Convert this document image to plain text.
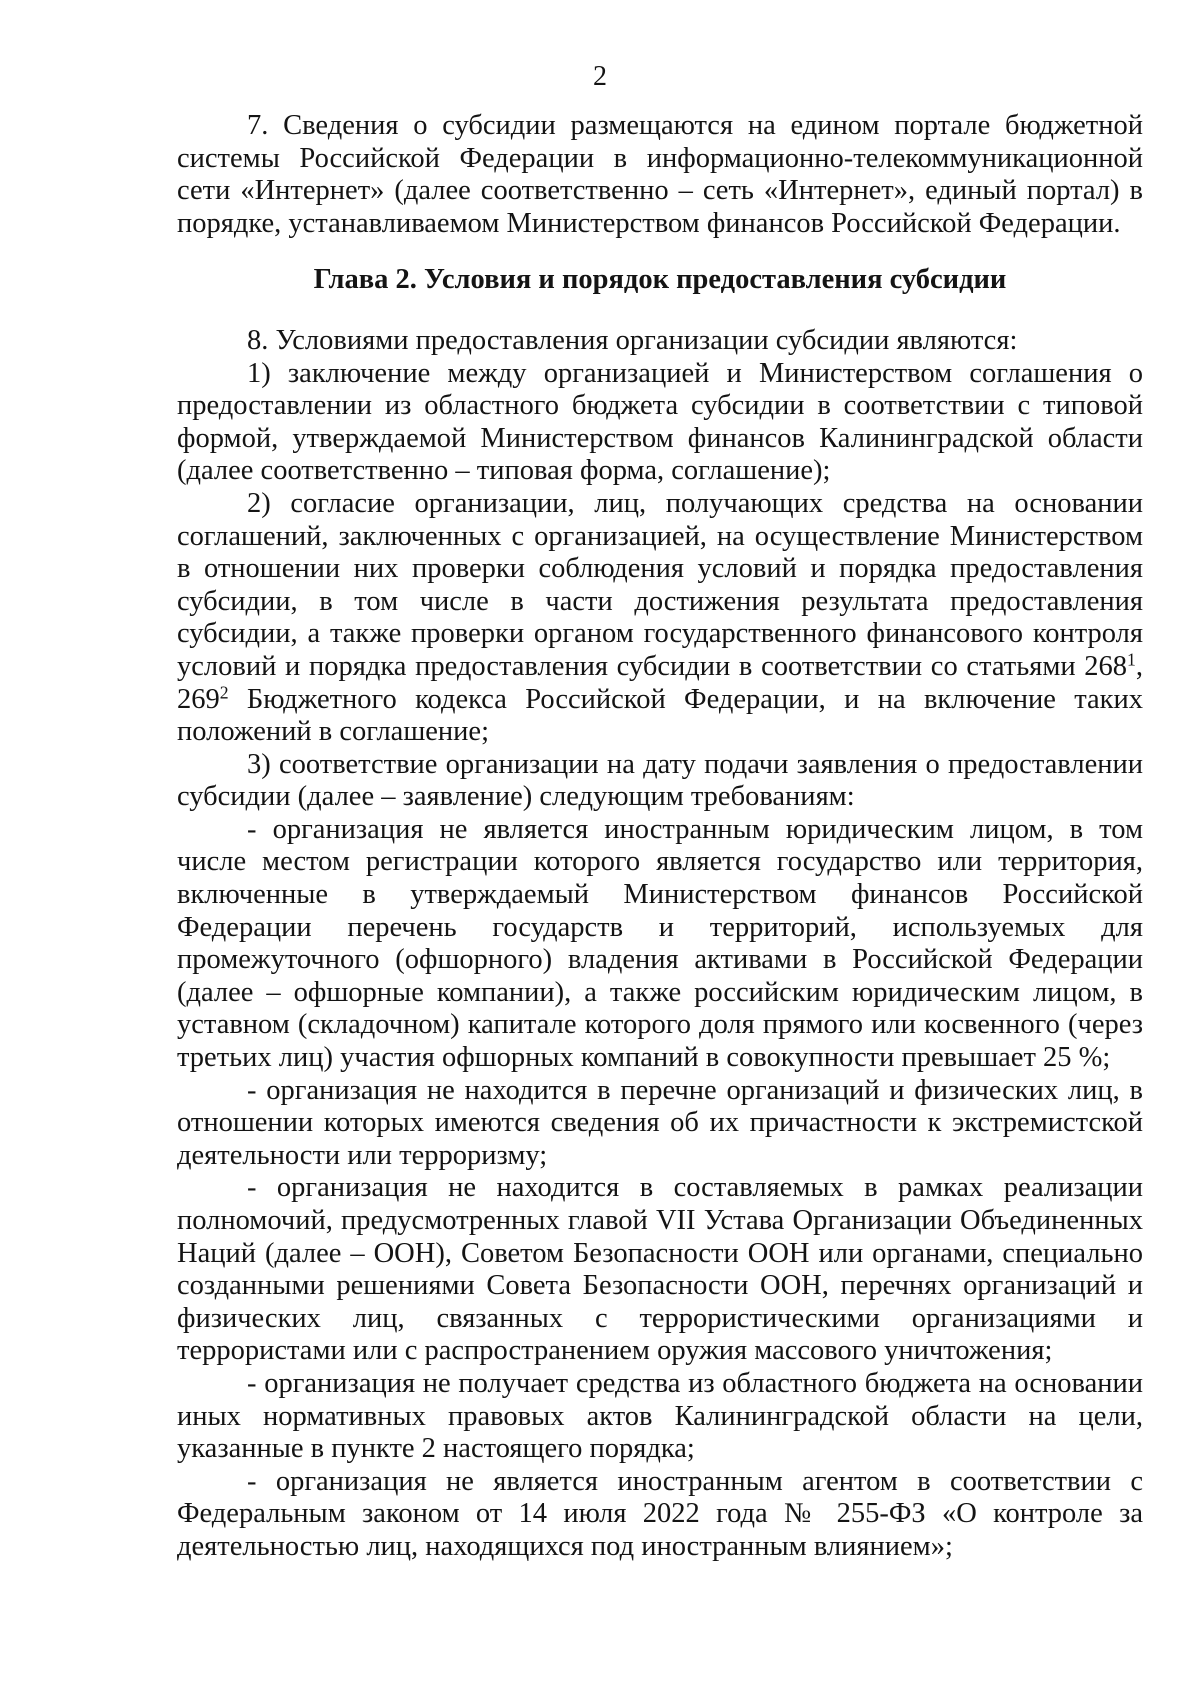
2

7. Сведения о субсидии размещаются на едином портале бюджетной системы Российской Федерации в информационно-телекоммуникационной сети «Интернет» (далее соответственно – сеть «Интернет», единый портал) в порядке, устанавливаемом Министерством финансов Российской Федерации.

Глава 2. Условия и порядок предоставления субсидии

8. Условиями предоставления организации субсидии являются:

1) заключение между организацией и Министерством соглашения о предоставлении из областного бюджета субсидии в соответствии с типовой формой, утверждаемой Министерством финансов Калининградской области (далее соответственно – типовая форма, соглашение);

2) согласие организации, лиц, получающих средства на основании соглашений, заключенных с организацией, на осуществление Министерством в отношении них проверки соблюдения условий и порядка предоставления субсидии, в том числе в части достижения результата предоставления субсидии, а также проверки органом государственного финансового контроля условий и порядка предоставления субсидии в соответствии со статьями $268^1$, $269^2$ Бюджетного кодекса Российской Федерации, и на включение таких положений в соглашение;

3) соответствие организации на дату подачи заявления о предоставлении субсидии (далее – заявление) следующим требованиям:

- организация не является иностранным юридическим лицом, в том числе местом регистрации которого является государство или территория, включенные в утверждаемый Министерством финансов Российской Федерации перечень государств и территорий, используемых для промежуточного (офшорного) владения активами в Российской Федерации (далее – офшорные компании), а также российским юридическим лицом, в уставном (складочном) капитале которого доля прямого или косвенного (через третьих лиц) участия офшорных компаний в совокупности превышает 25 %;

- организация не находится в перечне организаций и физических лиц, в отношении которых имеются сведения об их причастности к экстремистской деятельности или терроризму;

- организация не находится в составляемых в рамках реализации полномочий, предусмотренных главой VII Устава Организации Объединенных Наций (далее – ООН), Советом Безопасности ООН или органами, специально созданными решениями Совета Безопасности ООН, перечнях организаций и физических лиц, связанных с террористическими организациями и террористами или с распространением оружия массового уничтожения;

- организация не получает средства из областного бюджета на основании иных нормативных правовых актов Калининградской области на цели, указанные в пункте 2 настоящего порядка;

- организация не является иностранным агентом в соответствии с Федеральным законом от 14 июля 2022 года № 255-ФЗ «О контроле за деятельностью лиц, находящихся под иностранным влиянием»;
